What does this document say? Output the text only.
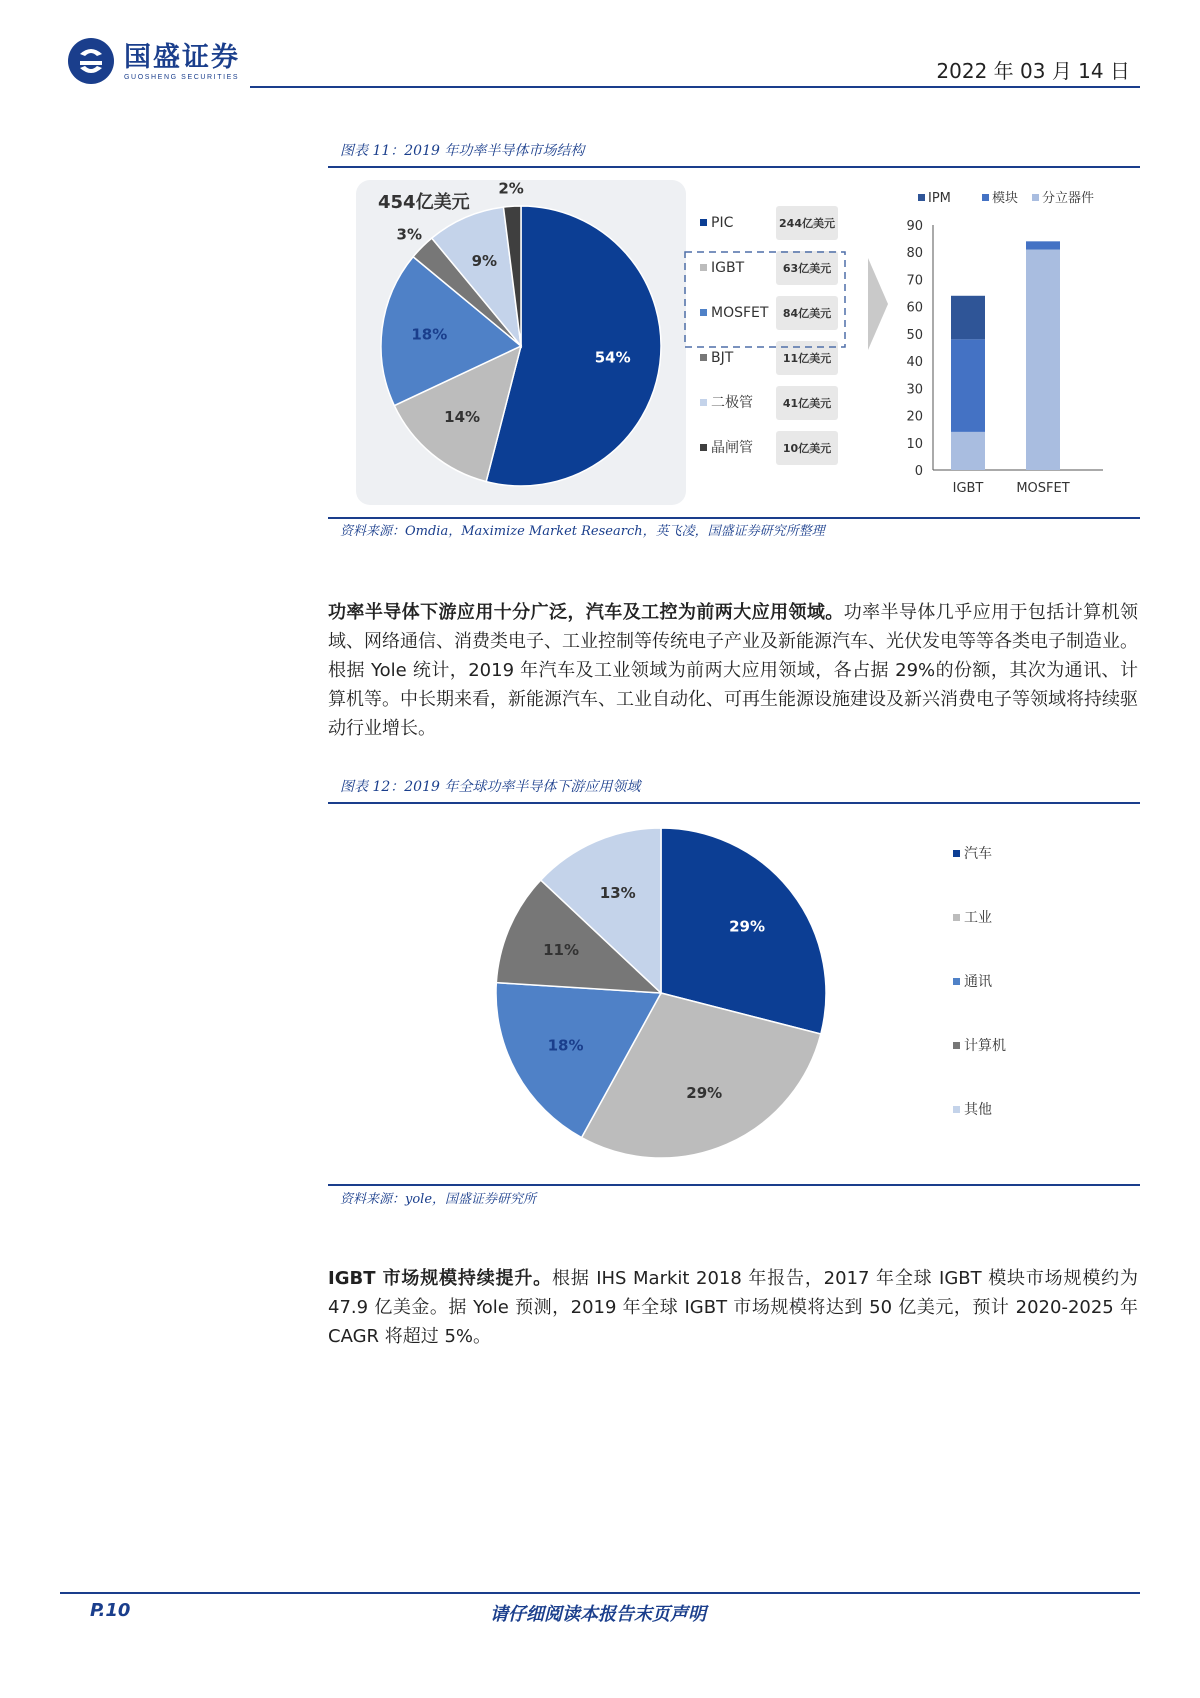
国盛证券
GUOSHENG SECURITIES	2022 年 03 月 14 日
图表 11：2019 年功率半导体市场结构
454亿美元
54%
14%
18%
3%
9%
2%
PIC	244亿美元
IGBT	63亿美元
MOSFET 84亿美元
BJT	11亿美元
二极管	41亿美元
晶闸管	10亿美元
0
10
20
30
40
50
60
70
80
90
IGBT	MOSFET
IPM	模块 分立器件
资料来源：Omdia，Maximize Market Research，英飞凌，国盛证券研究所整理
功率半导体下游应用十分广泛，汽车及工控为前两大应用领域。功率半导体几乎应用于包括计算机领域、网络通信、消费类电子、工业控制等传统电子产业及新能源汽车、光伏发电等等各类电子制造业。根据 Yole 统计，2019 年汽车及工业领域为前两大应用领域，各占据 29%的份额，其次为通讯、计算机等。中长期来看，新能源汽车、工业自动化、可再生能源设施建设及新兴消费电子等领域将持续驱动行业增长。
图表 12：2019 年全球功率半导体下游应用领域
29%
29%
18%
11%
13%
汽车
工业
通讯
计算机
其他
资料来源：yole，国盛证券研究所
IGBT 市场规模持续提升。根据 IHS Markit 2018 年报告，2017 年全球 IGBT 模块市场规模约为 47.9 亿美金。据 Yole 预测，2019 年全球 IGBT 市场规模将达到 50 亿美元，预计 2020-2025 年 CAGR 将超过 5%。
P.10	请仔细阅读本报告末页声明
